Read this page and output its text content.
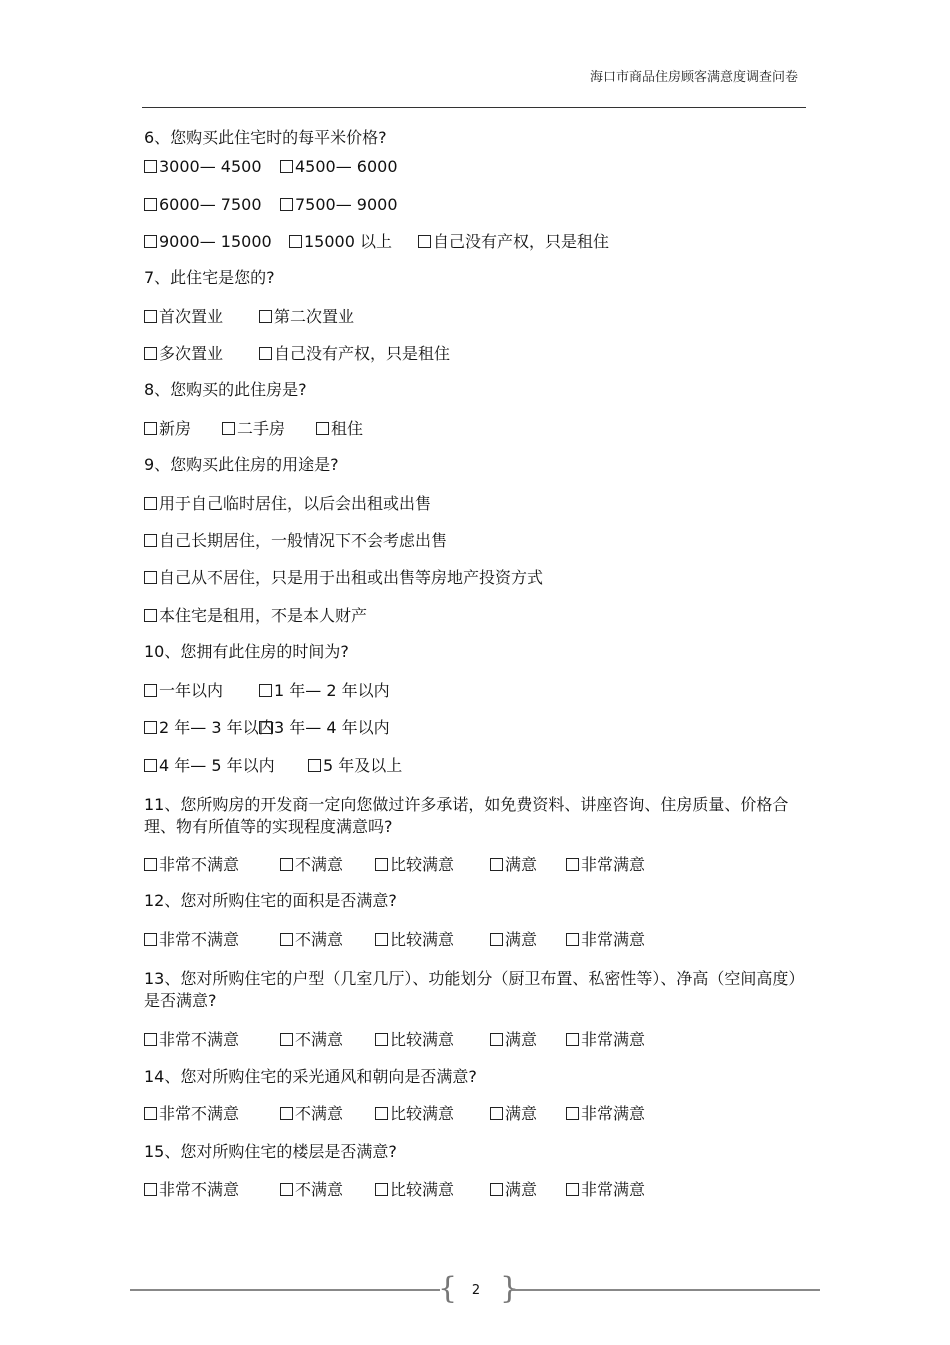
海口市商品住房顾客满意度调查问卷
6、您购买此住宅时的每平米价格?
3000— 4500	4500— 6000
6000— 7500	7500— 9000
9000— 15000	15000 以上	自己没有产权，只是租住
7、此住宅是您的?
首次置业	第二次置业
多次置业	自己没有产权，只是租住
8、您购买的此住房是?
新房	二手房	租住
9、您购买此住房的用途是?
用于自己临时居住，以后会出租或出售
自己长期居住，一般情况下不会考虑出售
自己从不居住，只是用于出租或出售等房地产投资方式
本住宅是租用，不是本人财产
10、您拥有此住房的时间为?
一年以内	1 年— 2 年以内
2 年— 3 年以内 3 年— 4 年以内
4 年— 5 年以内	5 年及以上
11、您所购房的开发商一定向您做过许多承诺，如免费资料、讲座咨询、住房质量、价格合理、物有所值等的实现程度满意吗?
非常不满意	不满意	比较满意	满意	非常满意
12、您对所购住宅的面积是否满意?
非常不满意	不满意	比较满意	满意	非常满意
13、您对所购住宅的户型（几室几厅）、功能划分（厨卫布置、私密性等）、净高（空间高度）是否满意?
非常不满意	不满意	比较满意	满意	非常满意
14、您对所购住宅的采光通风和朝向是否满意?
非常不满意	不满意	比较满意	满意	非常满意
15、您对所购住宅的楼层是否满意?
非常不满意	不满意	比较满意	满意	非常满意
{ 2 }
